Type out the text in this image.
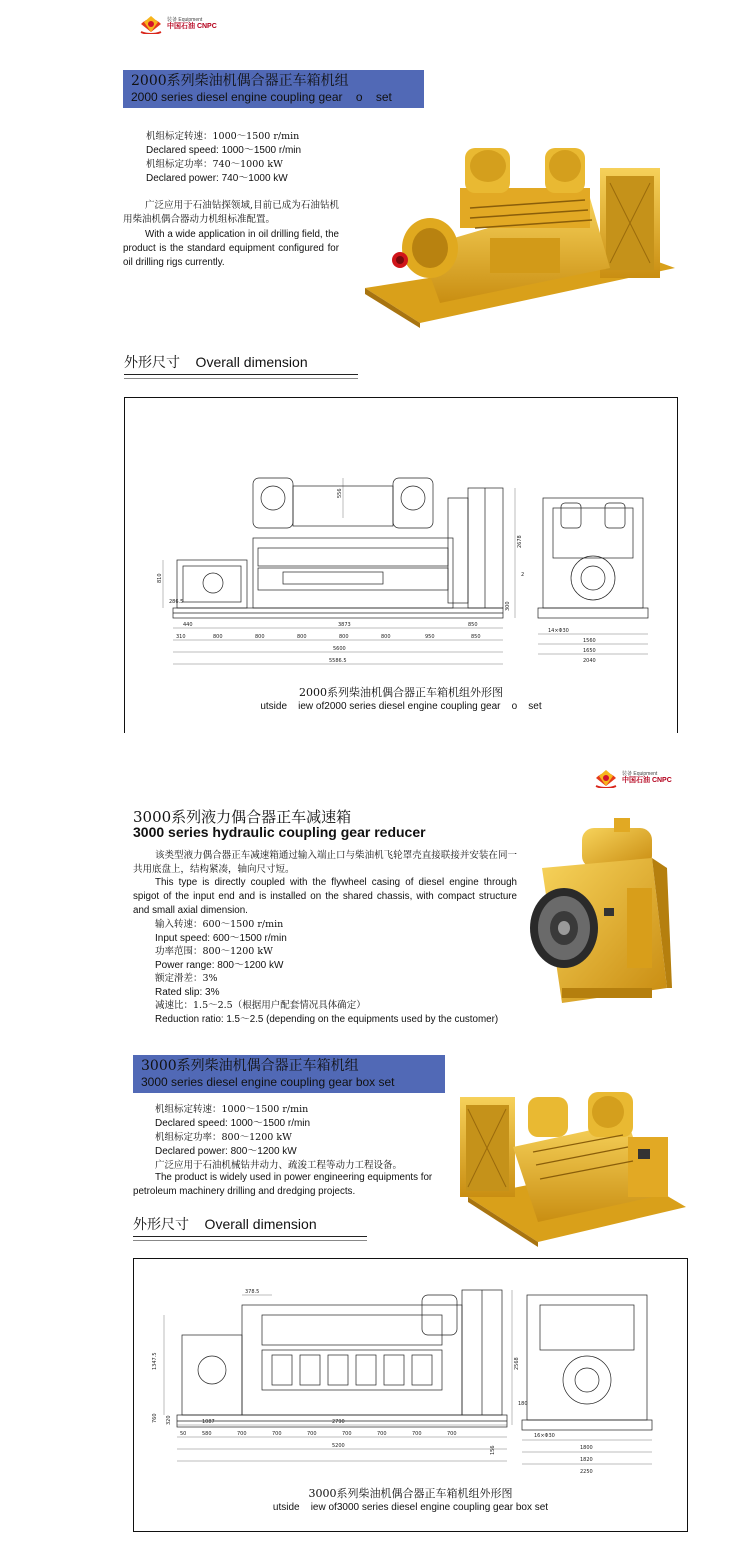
装备 Equipment
中国石油 CNPC
2000系列柴油机偶合器正车箱机组
2000 series diesel engine coupling gear    o    set
机组标定转速：1000～1500 r/min
Declared speed: 1000～1500 r/min
机组标定功率：740～1000 kW
Declared power: 740～1000 kW
广泛应用于石油钻探领域,目前已成为石油钻机用柴油机偶合器动力机组标准配置。
With a wide application in oil drilling field, the product is the standard equipment configured for oil drilling rigs currently.
外形尺寸    Overall dimension
556
2678
810
286.5	300
2
440	3873	850
310	800	800	800	800	800	950	850
5600
5586.5
14×Φ30
1560
1650
2040
2000系列柴油机偶合器正车箱机组外形图
utside    iew of2000 series diesel engine coupling gear    o    set
装备 Equipment
中国石油 CNPC
3000系列液力偶合器正车减速箱
3000 series hydraulic coupling gear reducer
该类型液力偶合器正车减速箱通过输入端止口与柴油机飞轮罩壳直接联接并安装在同一共用底盘上，结构紧凑，轴向尺寸短。
This type is directly coupled with the flywheel casing of diesel engine through spigot of the input end and is installed on the shared chassis, with compact structure and small axial dimension.
输入转速：600～1500 r/min
Input speed: 600～1500 r/min
功率范围：800～1200 kW
Power range: 800～1200 kW
额定滑差：3%
Rated slip: 3%
减速比：1.5～2.5（根据用户配套情况具体确定）
Reduction ratio: 1.5～2.5 (depending on the equipments used by the customer)
3000系列柴油机偶合器正车箱机组
3000 series diesel engine coupling gear box set
机组标定转速：1000～1500 r/min
Declared speed: 1000～1500 r/min
机组标定功率：800～1200 kW
Declared power: 800～1200 kW
广泛应用于石油机械钻井动力、疏浚工程等动力工程设备。
The product is widely used in power engineering equipments for petroleum machinery drilling and dredging projects.
外形尺寸    Overall dimension
378.5
1347.5	2568
180
760 320
156
1087	2790
50	580	700	700	700	700	700	700	700
5200
16×Φ30
1800
1820
2250
3000系列柴油机偶合器正车箱机组外形图
utside    iew of3000 series diesel engine coupling gear box set
